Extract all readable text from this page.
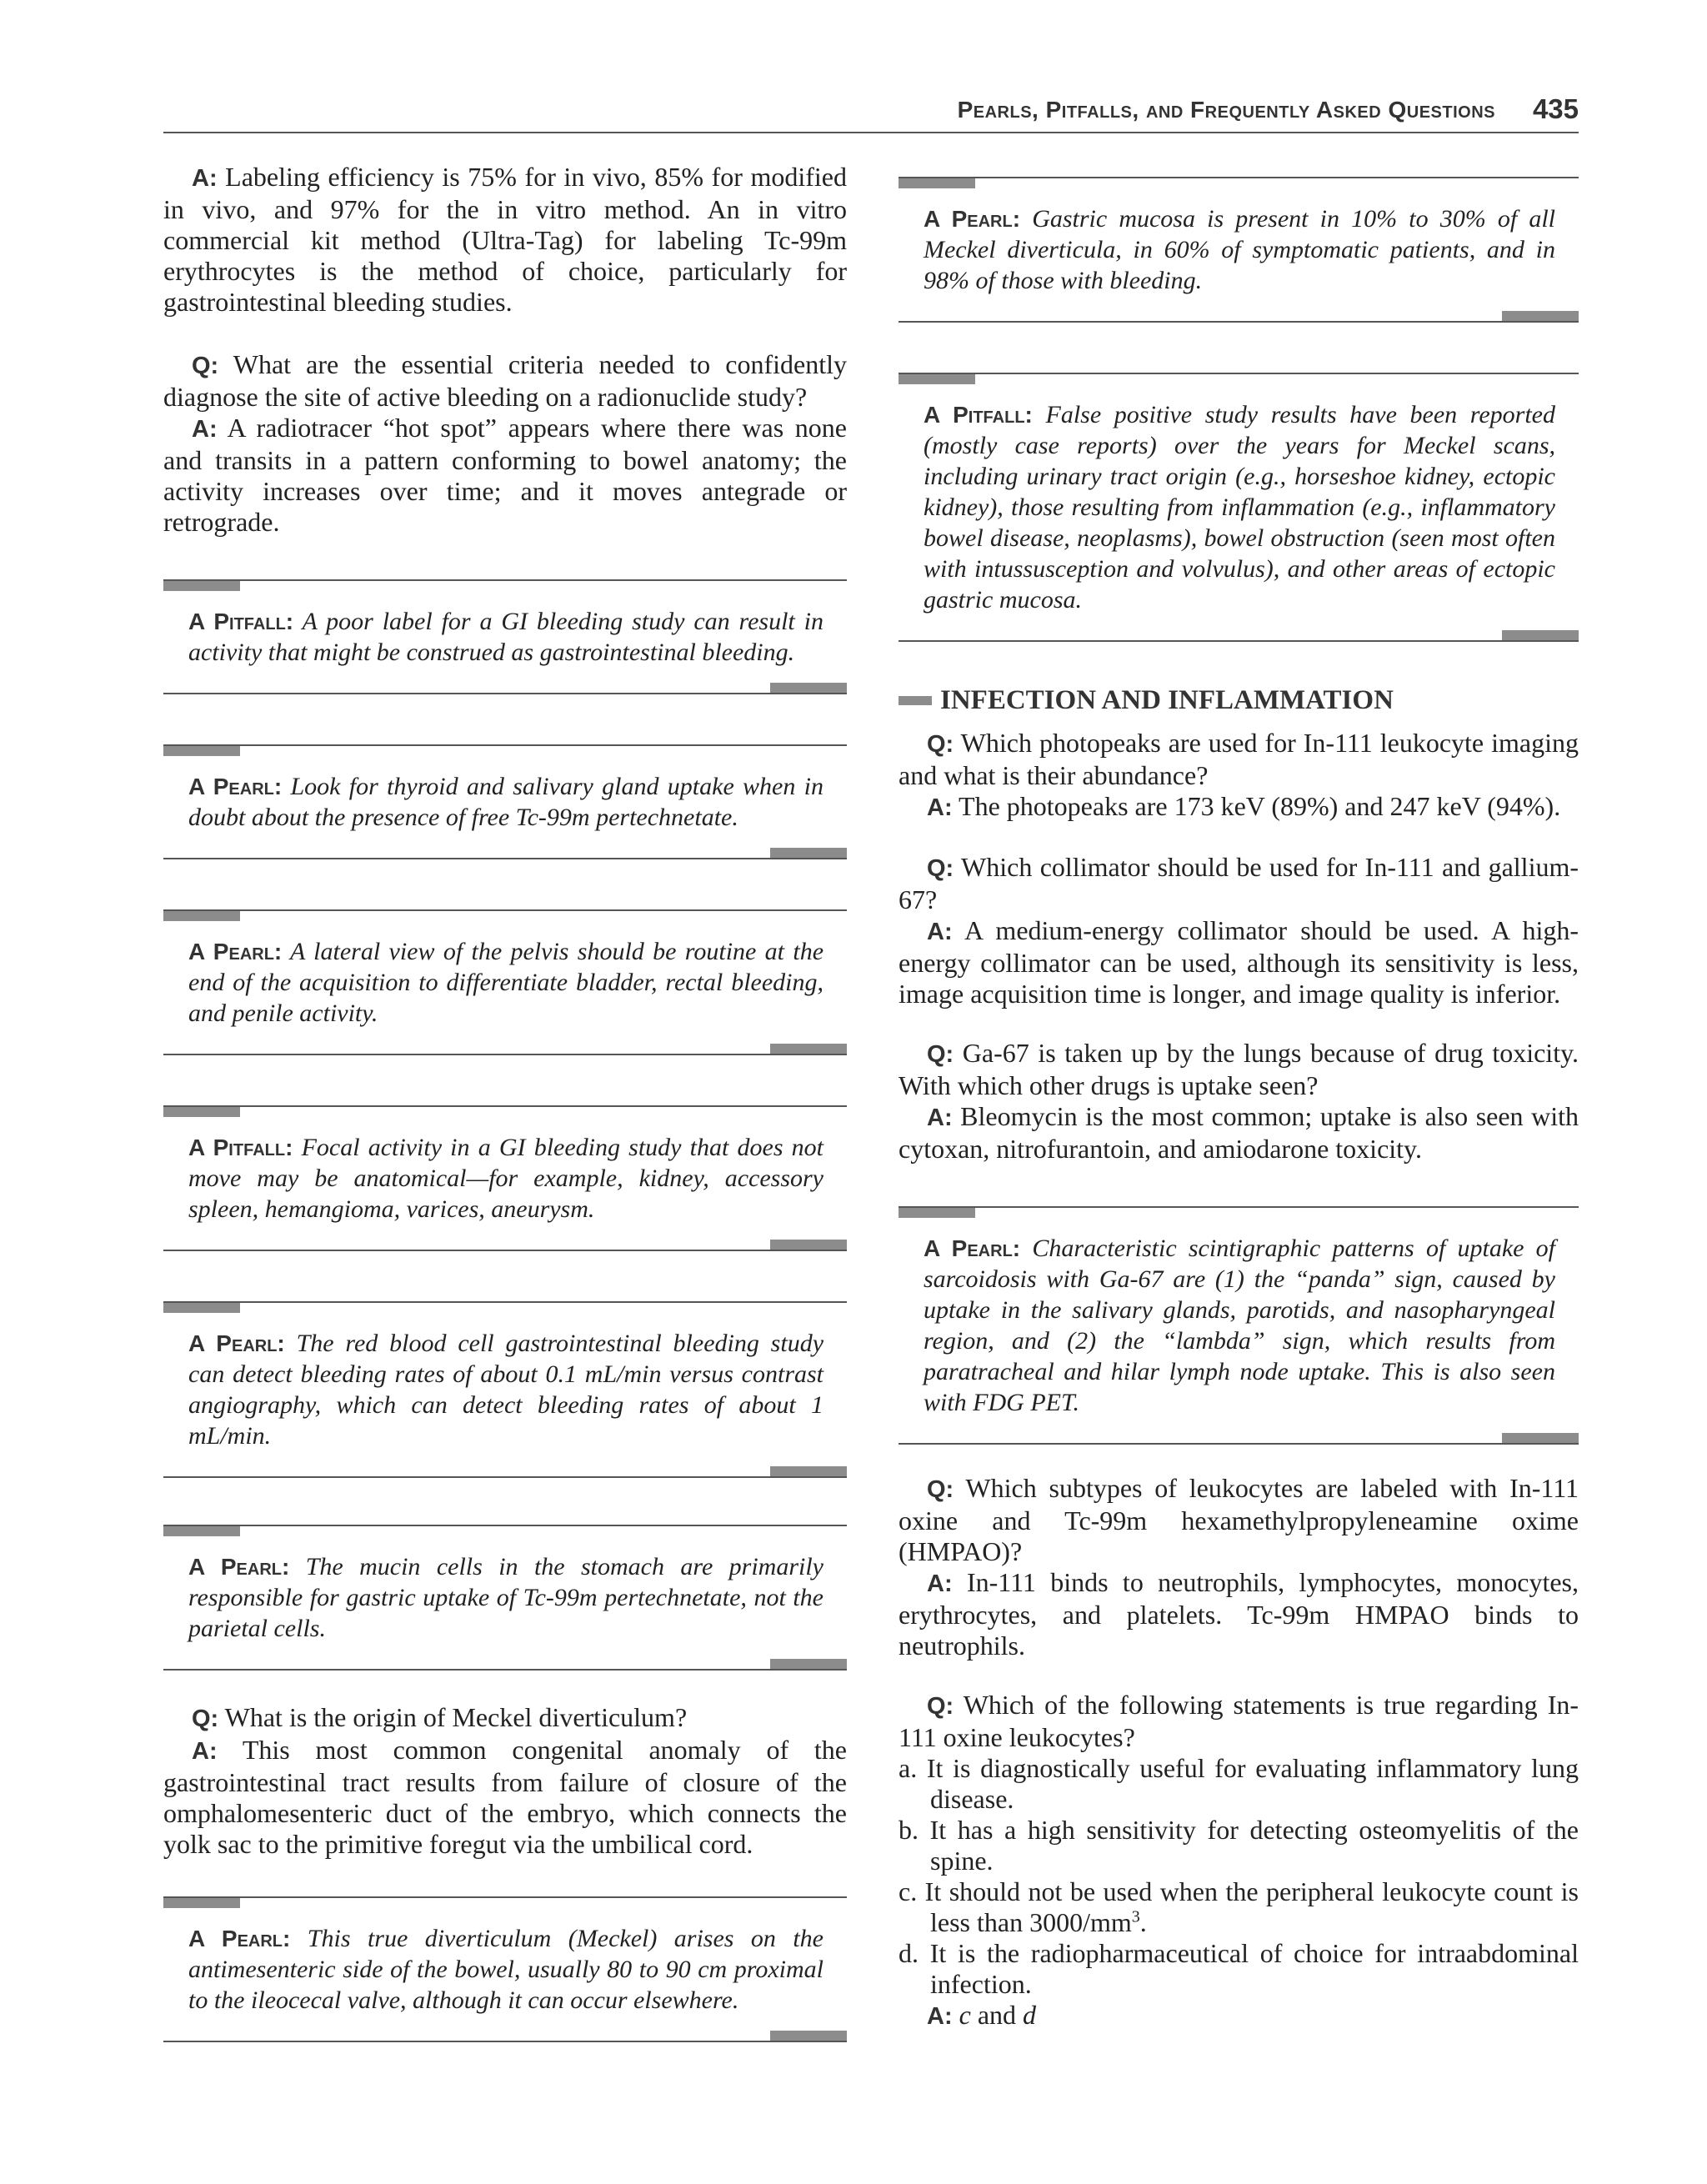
Pearls, Pitfalls, and Frequently Asked Questions 435

A: Labeling efficiency is 75% for in vivo, 85% for modified in vivo, and 97% for the in vitro method. An in vitro commercial kit method (Ultra-Tag) for labeling Tc-99m erythrocytes is the method of choice, particularly for gastrointestinal bleeding studies.

Q: What are the essential criteria needed to confidently diagnose the site of active bleeding on a radionuclide study?

A: A radiotracer “hot spot” appears where there was none and transits in a pattern conforming to bowel anatomy; the activity increases over time; and it moves antegrade or retrograde.

A Pitfall: A poor label for a GI bleeding study can result in activity that might be construed as gastrointestinal bleeding.
A Pearl: Look for thyroid and salivary gland uptake when in doubt about the presence of free Tc-99m pertechnetate.
A Pearl: A lateral view of the pelvis should be routine at the end of the acquisition to differentiate bladder, rectal bleeding, and penile activity.
A Pitfall: Focal activity in a GI bleeding study that does not move may be anatomical—for example, kidney, accessory spleen, hemangioma, varices, aneurysm.
A Pearl: The red blood cell gastrointestinal bleeding study can detect bleeding rates of about 0.1 mL/min versus contrast angiography, which can detect bleeding rates of about 1 mL/min.
A Pearl: The mucin cells in the stomach are primarily responsible for gastric uptake of Tc-99m pertechnetate, not the parietal cells.

Q: What is the origin of Meckel diverticulum?

A: This most common congenital anomaly of the gastrointestinal tract results from failure of closure of the omphalomesenteric duct of the embryo, which connects the yolk sac to the primitive foregut via the umbilical cord.

A Pearl: This true diverticulum (Meckel) arises on the antimesenteric side of the bowel, usually 80 to 90 cm proximal to the ileocecal valve, although it can occur elsewhere.
A Pearl: Gastric mucosa is present in 10% to 30% of all Meckel diverticula, in 60% of symptomatic patients, and in 98% of those with bleeding.
A Pitfall: False positive study results have been reported (mostly case reports) over the years for Meckel scans, including urinary tract origin (e.g., horseshoe kidney, ectopic kidney), those resulting from inflammation (e.g., inflammatory bowel disease, neoplasms), bowel obstruction (seen most often with intussusception and volvulus), and other areas of ectopic gastric mucosa.
INFECTION AND INFLAMMATION

Q: Which photopeaks are used for In-111 leukocyte imaging and what is their abundance?

A: The photopeaks are 173 keV (89%) and 247 keV (94%).

Q: Which collimator should be used for In-111 and gallium-67?

A: A medium-energy collimator should be used. A high-energy collimator can be used, although its sensitivity is less, image acquisition time is longer, and image quality is inferior.

Q: Ga-67 is taken up by the lungs because of drug toxicity. With which other drugs is uptake seen?

A: Bleomycin is the most common; uptake is also seen with cytoxan, nitrofurantoin, and amiodarone toxicity.

A Pearl: Characteristic scintigraphic patterns of uptake of sarcoidosis with Ga-67 are (1) the “panda” sign, caused by uptake in the salivary glands, parotids, and nasopharyngeal region, and (2) the “lambda” sign, which results from paratracheal and hilar lymph node uptake. This is also seen with FDG PET.

Q: Which subtypes of leukocytes are labeled with In-111 oxine and Tc-99m hexamethylpropyleneamine oxime (HMPAO)?

A: In-111 binds to neutrophils, lymphocytes, monocytes, erythrocytes, and platelets. Tc-99m HMPAO binds to neutrophils.

Q: Which of the following statements is true regarding In-111 oxine leukocytes?

a. It is diagnostically useful for evaluating inflammatory lung disease.
b. It has a high sensitivity for detecting osteomyelitis of the spine.
c. It should not be used when the peripheral leukocyte count is less than $3000/mm^3$.
d. It is the radiopharmaceutical of choice for intraabdominal infection.

A: c and d
